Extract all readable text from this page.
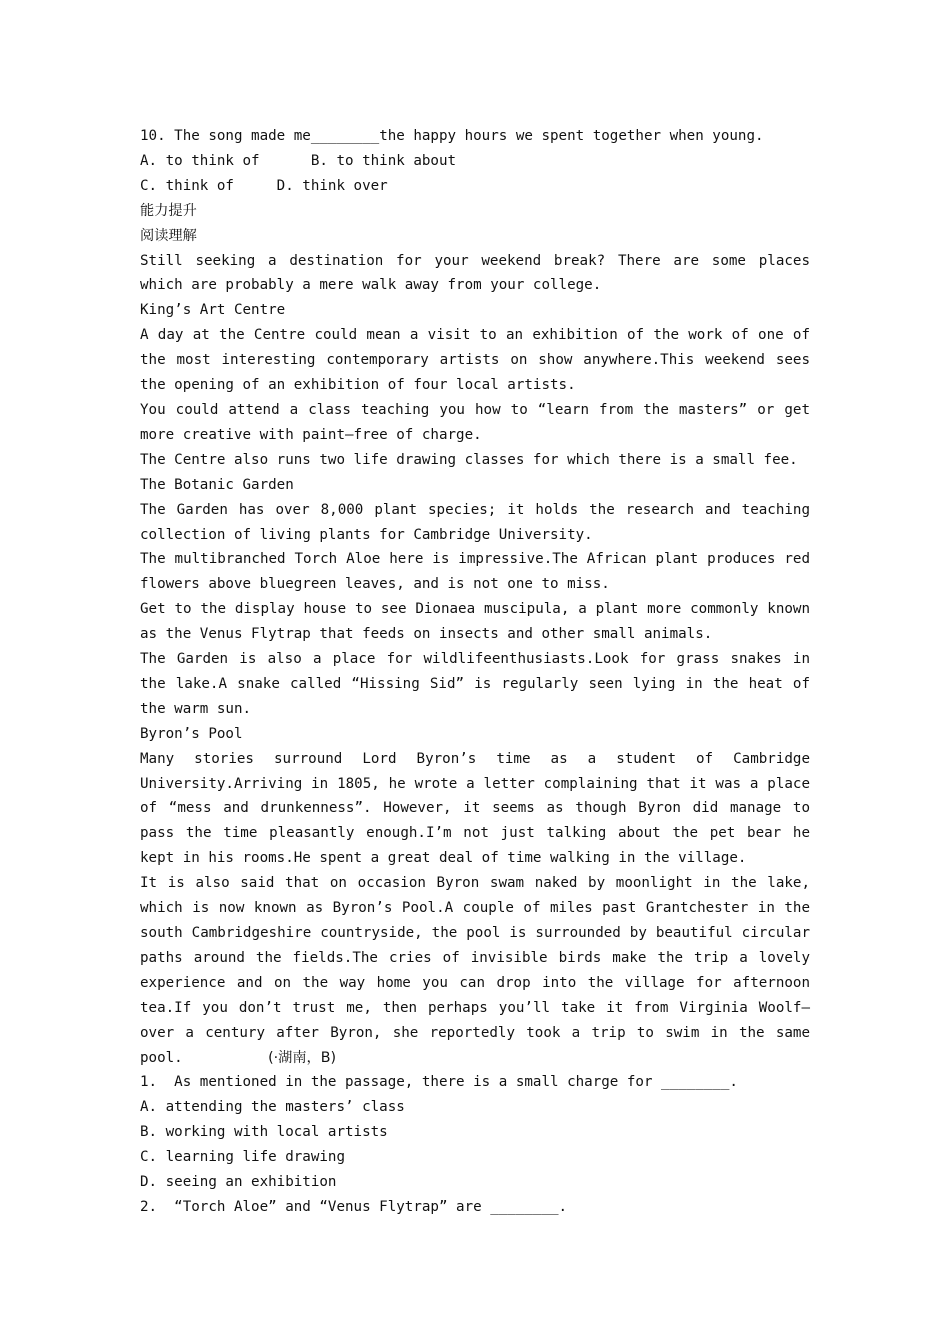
10. The song made me________the happy hours we spent together when young.
A. to think of      B. to think about
C. think of     D. think over
能力提升
阅读理解
Still seeking a destination for your weekend break? There are some places which are probably a mere walk away from your college.
King’s Art Centre
A day at the Centre could mean a visit to an exhibition of the work of one of the most interesting contemporary artists on show anywhere.This weekend sees the opening of an exhibition of four local artists.
You could attend a class teaching you how to “learn from the masters” or get more creative with paint—free of charge.
The Centre also runs two life drawing classes for which there is a small fee.
The Botanic Garden
The Garden has over 8,000 plant species; it holds the research and teaching collection of living plants for Cambridge University.
The multibranched Torch Aloe here is impressive.The African plant produces red flowers above bluegreen leaves, and is not one to miss.
Get to the display house to see Dionaea muscipula, a plant more commonly known as the Venus Flytrap that feeds on insects and other small animals.
The Garden is also a place for wildlifeenthusiasts.Look for grass snakes in the lake.A snake called “Hissing Sid” is regularly seen lying in the heat of the warm sun.
Byron’s Pool
Many stories surround Lord Byron’s time as a student of Cambridge University.Arriving in 1805, he wrote a letter complaining that it was a place of “mess and drunkenness”. However, it seems as though Byron did manage to pass the time pleasantly enough.I’m not just talking about the pet bear he kept in his rooms.He spent a great deal of time walking in the village.
It is also said that on occasion Byron swam naked by moonlight in the lake, which is now known as Byron’s Pool.A couple of miles past Grantchester in the south Cambridgeshire countryside, the pool is surrounded by beautiful circular paths around the fields.The cries of invisible birds make the trip a lovely experience and on the way home you can drop into the village for afternoon tea.If you don’t trust me, then perhaps you’ll take it from Virginia Woolf—over a century after Byron, she reportedly took a trip to swim in the same pool.	(·湖南，B)
1.  As mentioned in the passage, there is a small charge for ________.
A. attending the masters’ class
B. working with local artists
C. learning life drawing
D. seeing an exhibition
2.  “Torch Aloe” and “Venus Flytrap” are ________.
